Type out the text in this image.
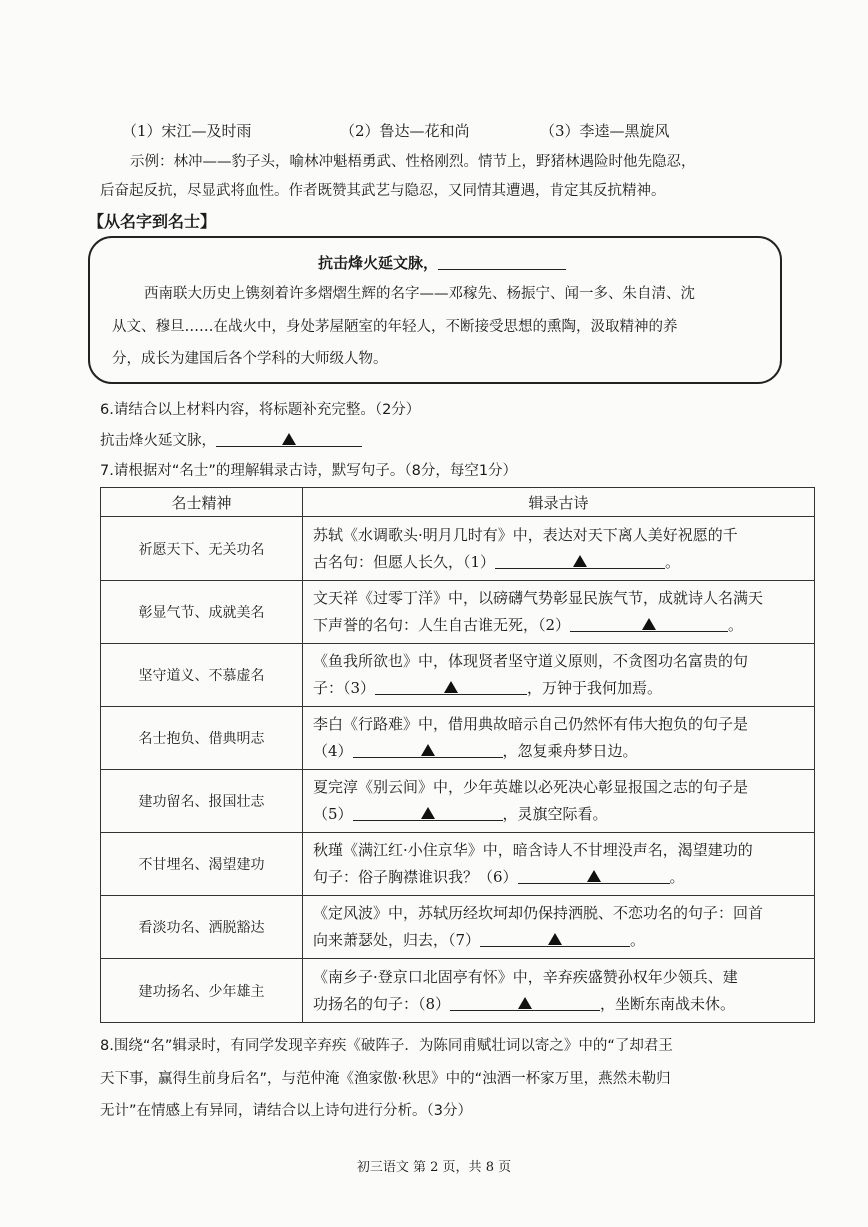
（1）宋江—及时雨	（2）鲁达—花和尚	（3）李逵—黑旋风
示例：林冲——豹子头，喻林冲魁梧勇武、性格刚烈。情节上，野猪林遇险时他先隐忍，
后奋起反抗，尽显武将血性。作者既赞其武艺与隐忍，又同情其遭遇，肯定其反抗精神。
【从名字到名士】
抗击烽火延文脉，
西南联大历史上镌刻着许多熠熠生辉的名字——邓稼先、杨振宁、闻一多、朱自清、沈
从文、穆旦……在战火中，身处茅屋陋室的年轻人，不断接受思想的熏陶，汲取精神的养
分，成长为建国后各个学科的大师级人物。
6.请结合以上材料内容，将标题补充完整。（2分）
抗击烽火延文脉，
7.请根据对“名士”的理解辑录古诗，默写句子。（8分，每空1分）
名士精神	辑录古诗
祈愿天下、无关功名	苏轼《水调歌头·明月几时有》中，表达对天下离人美好祝愿的千
古名句：但愿人长久，（1） 。

彰显气节、成就美名	文天祥《过零丁洋》中，以磅礴气势彰显民族气节，成就诗人名满天
下声誉的名句：人生自古谁无死，（2） 。

坚守道义、不慕虚名	《鱼我所欲也》中，体现贤者坚守道义原则，不贪图功名富贵的句
子：（3） ，万钟于我何加焉。

名士抱负、借典明志	李白《行路难》中，借用典故暗示自己仍然怀有伟大抱负的句子是
（4） ，忽复乘舟梦日边。

建功留名、报国壮志	夏完淳《别云间》中，少年英雄以必死决心彰显报国之志的句子是
（5） ，灵旗空际看。

不甘埋名、渴望建功	秋瑾《满江红·小住京华》中，暗含诗人不甘埋没声名，渴望建功的
句子：俗子胸襟谁识我？（6） 。

看淡功名、洒脱豁达	《定风波》中，苏轼历经坎坷却仍保持洒脱、不恋功名的句子：回首
向来萧瑟处，归去，（7） 。

建功扬名、少年雄主	《南乡子·登京口北固亭有怀》中，辛弃疾盛赞孙权年少领兵、建
功扬名的句子：（8） ，坐断东南战未休。
8.围绕“名”辑录时，有同学发现辛弃疾《破阵子．为陈同甫赋壮词以寄之》中的“了却君王
天下事，赢得生前身后名”，与范仲淹《渔家傲·秋思》中的“浊酒一杯家万里，燕然未勒归
无计”在情感上有异同，请结合以上诗句进行分析。（3分）
初三语文 第 2 页，共 8 页
